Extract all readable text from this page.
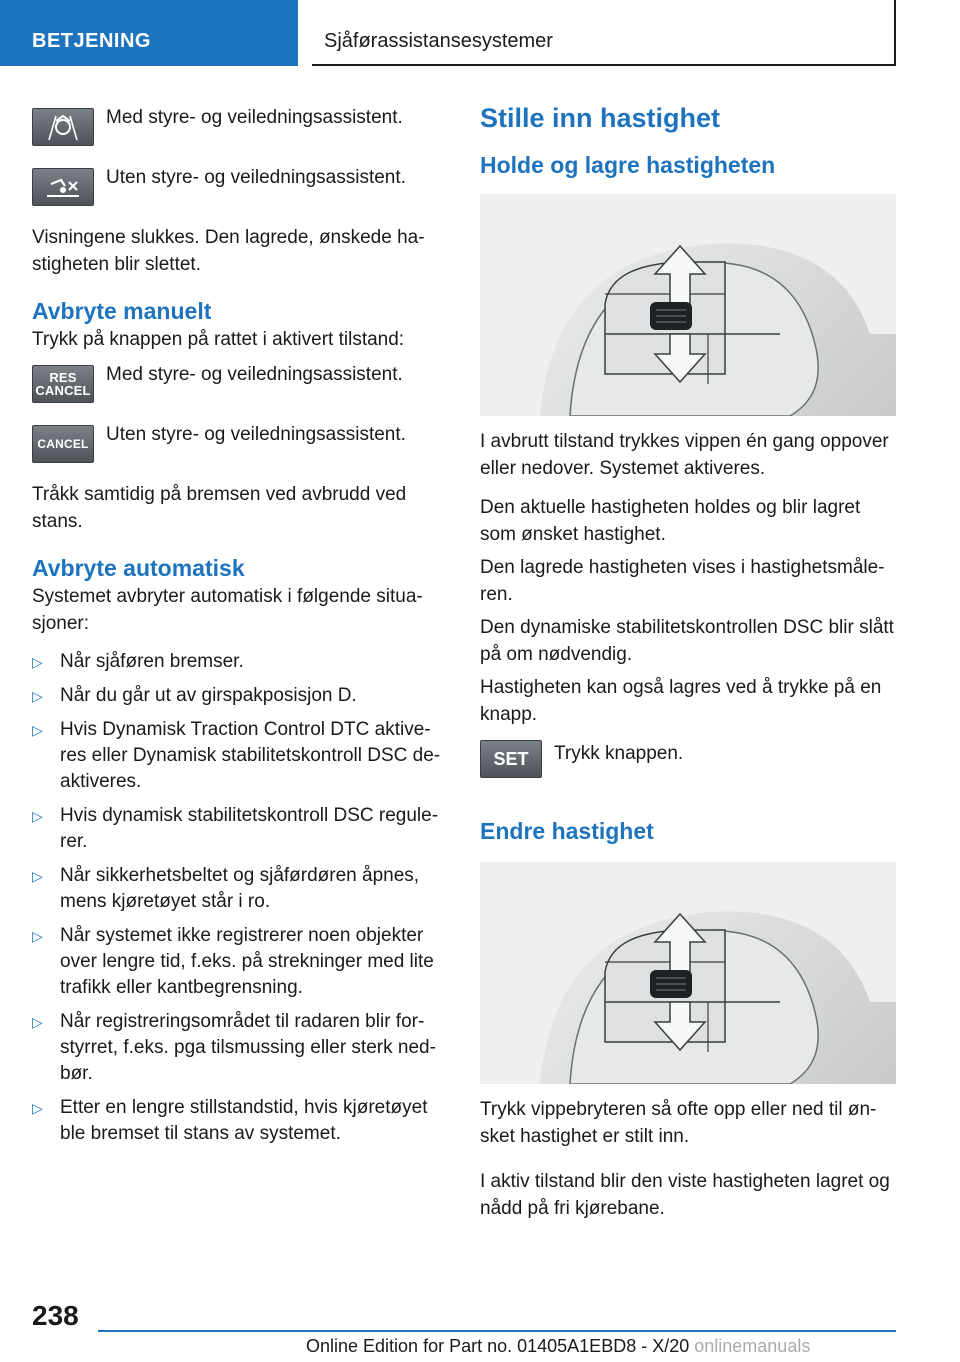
BETJENING	Sjåførassistansesystemer
Med styre- og veiledningsassistent.
Uten styre- og veiledningsassistent.
Visningene slukkes. Den lagrede, ønskede ha-stigheten blir slettet.
Avbryte manuelt
Trykk på knappen på rattet i aktivert tilstand:
RES
CANCEL
Med styre- og veiledningsassistent.
CANCEL Uten styre- og veiledningsassistent.
Tråkk samtidig på bremsen ved avbrudd ved stans.
Avbryte automatisk
Systemet avbryter automatisk i følgende situa-sjoner:
▷ Når sjåføren bremser.
▷ Når du går ut av girspakposisjon D.
▷ Hvis Dynamisk Traction Control DTC aktive-res eller Dynamisk stabilitetskontroll DSC de-aktiveres.
▷ Hvis dynamisk stabilitetskontroll DSC regule-rer.
▷ Når sikkerhetsbeltet og sjåførdøren åpnes, mens kjøretøyet står i ro.
▷ Når systemet ikke registrerer noen objekter over lengre tid, f.eks. på strekninger med lite trafikk eller kantbegrensning.
▷ Når registreringsområdet til radaren blir for-styrret, f.eks. pga tilsmussing eller sterk ned-bør.
▷ Etter en lengre stillstandstid, hvis kjøretøyet ble bremset til stans av systemet.
Stille inn hastighet
Holde og lagre hastigheten
I avbrutt tilstand trykkes vippen én gang oppover eller nedover. Systemet aktiveres.
Den aktuelle hastigheten holdes og blir lagret som ønsket hastighet.
Den lagrede hastigheten vises i hastighetsmåle-ren.
Den dynamiske stabilitetskontrollen DSC blir slått på om nødvendig.
Hastigheten kan også lagres ved å trykke på en knapp.
SET	Trykk knappen.
Endre hastighet
Trykk vippebryteren så ofte opp eller ned til øn-sket hastighet er stilt inn.
I aktiv tilstand blir den viste hastigheten lagret og nådd på fri kjørebane.
238
Online Edition for Part no. 01405A1EBD8 - X/20 onlinemanuals
